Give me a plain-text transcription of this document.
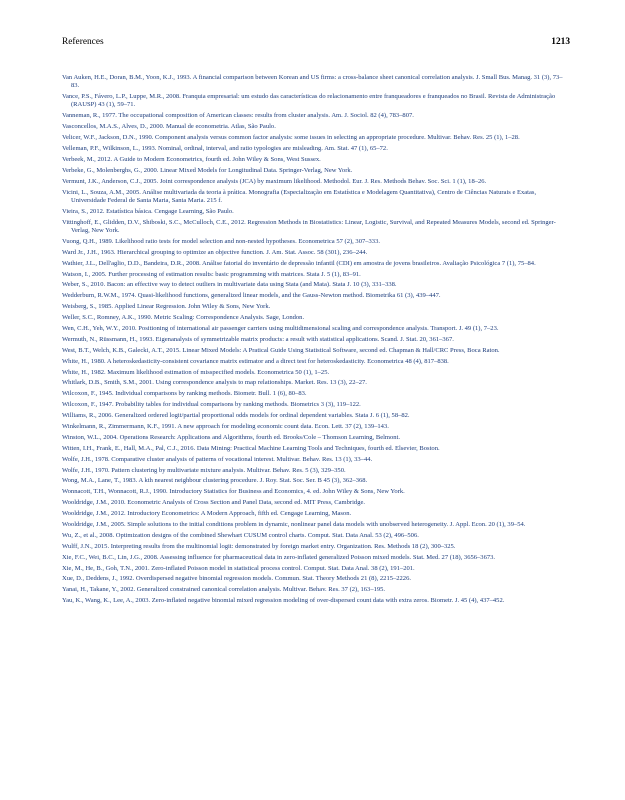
References	1213
Van Auken, H.E., Doran, B.M., Yoon, K.J., 1993. A financial comparison between Korean and US firms: a cross-balance sheet canonical correlation analysis. J. Small Bus. Manag. 31 (3), 73–83.
Vance, P.S., Fávero, L.P., Luppe, M.R., 2008. Franquia empresarial: um estudo das características do relacionamento entre franqueadores e franqueados no Brasil. Revista de Administração (RAUSP) 43 (1), 59–71.
Vanneman, R., 1977. The occupational composition of American classes: results from cluster analysis. Am. J. Sociol. 82 (4), 783–807.
Vasconcellos, M.A.S., Alves, D., 2000. Manual de econometria. Atlas, São Paulo.
Velicer, W.F., Jackson, D.N., 1990. Component analysis versus common factor analysis: some issues in selecting an appropriate procedure. Multivar. Behav. Res. 25 (1), 1–28.
Velleman, P.F., Wilkinson, L., 1993. Nominal, ordinal, interval, and ratio typologies are misleading. Am. Stat. 47 (1), 65–72.
Verbeek, M., 2012. A Guide to Modern Econometrics, fourth ed. John Wiley & Sons, West Sussex.
Verbeke, G., Molenberghs, G., 2000. Linear Mixed Models for Longitudinal Data. Springer-Verlag, New York.
Vermunt, J.K., Anderson, C.J., 2005. Joint correspondence analysis (JCA) by maximum likelihood. Methodol. Eur. J. Res. Methods Behav. Soc. Sci. 1 (1), 18–26.
Vicini, L., Souza, A.M., 2005. Análise multivariada da teoria à prática. Monografia (Especialização em Estatística e Modelagem Quantitativa), Centro de Ciências Naturais e Exatas, Universidade Federal de Santa Maria, Santa Maria. 215 f.
Vieira, S., 2012. Estatística básica. Cengage Learning, São Paulo.
Vittinghoff, E., Glidden, D.V., Shiboski, S.C., McCulloch, C.E., 2012. Regression Methods in Biostatistics: Linear, Logistic, Survival, and Repeated Measures Models, second ed. Springer-Verlag, New York.
Vuong, Q.H., 1989. Likelihood ratio tests for model selection and non-nested hypotheses. Econometrica 57 (2), 307–333.
Ward Jr., J.H., 1963. Hierarchical grouping to optimize an objective function. J. Am. Stat. Assoc. 58 (301), 236–244.
Wathier, J.L., Dell'aglio, D.D., Bandeira, D.R., 2008. Análise fatorial do inventário de depressão infantil (CDI) em amostra de jovens brasileiros. Avaliação Psicológica 7 (1), 75–84.
Watson, I., 2005. Further processing of estimation results: basic programming with matrices. Stata J. 5 (1), 83–91.
Weber, S., 2010. Bacon: an effective way to detect outliers in multivariate data using Stata (and Mata). Stata J. 10 (3), 331–338.
Wedderburn, R.W.M., 1974. Quasi-likelihood functions, generalized linear models, and the Gauss-Newton method. Biometrika 61 (3), 439–447.
Weisberg, S., 1985. Applied Linear Regression. John Wiley & Sons, New York.
Weller, S.C., Romney, A.K., 1990. Metric Scaling: Correspondence Analysis. Sage, London.
Wen, C.H., Yeh, W.Y., 2010. Positioning of international air passenger carriers using multidimensional scaling and correspondence analysis. Transport. J. 49 (1), 7–23.
Wermuth, N., Rüssmann, H., 1993. Eigenanalysis of symmetrizable matrix products: a result with statistical applications. Scand. J. Stat. 20, 361–367.
West, B.T., Welch, K.B., Galecki, A.T., 2015. Linear Mixed Models: A Pratical Guide Using Statistical Software, second ed. Chapman & Hall/CRC Press, Boca Raton.
White, H., 1980. A heteroskedasticity-consistent covariance matrix estimator and a direct test for heteroskedasticity. Econometrica 48 (4), 817–838.
White, H., 1982. Maximum likelihood estimation of misspecified models. Econometrica 50 (1), 1–25.
Whitlark, D.B., Smith, S.M., 2001. Using correspondence analysis to map relationships. Market. Res. 13 (3), 22–27.
Wilcoxon, F., 1945. Individual comparisons by ranking methods. Biometr. Bull. 1 (6), 80–83.
Wilcoxon, F., 1947. Probability tables for individual comparisons by ranking methods. Biometrics 3 (3), 119–122.
Williams, R., 2006. Generalized ordered logit/partial proportional odds models for ordinal dependent variables. Stata J. 6 (1), 58–82.
Winkelmann, R., Zimmermann, K.F., 1991. A new approach for modeling economic count data. Econ. Lett. 37 (2), 139–143.
Winston, W.L., 2004. Operations Research: Applications and Algorithms, fourth ed. Brooks/Cole – Thomson Learning, Belmont.
Witten, I.H., Frank, E., Hall, M.A., Pal, C.J., 2016. Data Mining: Practical Machine Learning Tools and Techniques, fourth ed. Elsevier, Boston.
Wolfe, J.H., 1978. Comparative cluster analysis of patterns of vocational interest. Multivar. Behav. Res. 13 (1), 33–44.
Wolfe, J.H., 1970. Pattern clustering by multivariate mixture analysis. Multivar. Behav. Res. 5 (3), 329–350.
Wong, M.A., Lane, T., 1983. A kth nearest neighbour clustering procedure. J. Roy. Stat. Soc. Ser. B 45 (3), 362–368.
Wonnacott, T.H., Wonnacott, R.J., 1990. Introductory Statistics for Business and Economics, 4. ed. John Wiley & Sons, New York.
Wooldridge, J.M., 2010. Econometric Analysis of Cross Section and Panel Data, second ed. MIT Press, Cambridge.
Wooldridge, J.M., 2012. Introductory Econometrics: A Modern Approach, fifth ed. Cengage Learning, Mason.
Wooldridge, J.M., 2005. Simple solutions to the initial conditions problem in dynamic, nonlinear panel data models with unobserved heterogeneity. J. Appl. Econ. 20 (1), 39–54.
Wu, Z., et al., 2008. Optimization designs of the combined Shewhart CUSUM control charts. Comput. Stat. Data Anal. 53 (2), 496–506.
Wulff, J.N., 2015. Interpreting results from the multinomial logit: demonstrated by foreign market entry. Organization. Res. Methods 18 (2), 300–325.
Xie, F.C., Wei, B.C., Lin, J.G., 2008. Assessing influence for pharmaceutical data in zero-inflated generalized Poisson mixed models. Stat. Med. 27 (18), 3656–3673.
Xie, M., He, B., Goh, T.N., 2001. Zero-inflated Poisson model in statistical process control. Comput. Stat. Data Anal. 38 (2), 191–201.
Xue, D., Deddens, J., 1992. Overdispersed negative binomial regression models. Commun. Stat. Theory Methods 21 (8), 2215–2226.
Yanai, H., Takane, Y., 2002. Generalized constrained canonical correlation analysis. Multivar. Behav. Res. 37 (2), 163–195.
Yau, K., Wang, K., Lee, A., 2003. Zero-inflated negative binomial mixed regression modeling of over-dispersed count data with extra zeros. Biometr. J. 45 (4), 437–452.
